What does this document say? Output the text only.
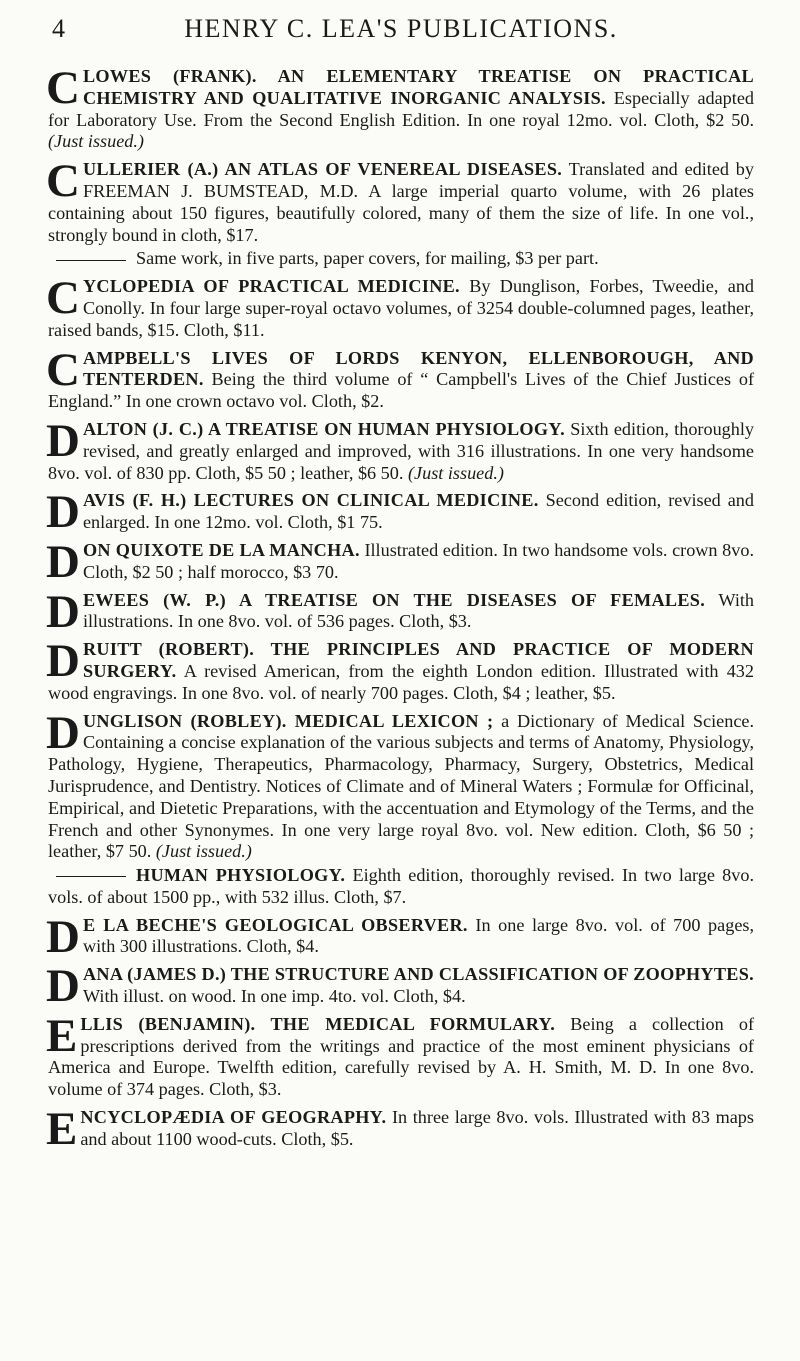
4	HENRY C. LEA'S PUBLICATIONS.

CLOWES (FRANK). AN ELEMENTARY TREATISE ON PRACTICAL CHEMISTRY AND QUALITATIVE INORGANIC ANALYSIS. Especially adapted for Laboratory Use. From the Second English Edition. In one royal 12mo. vol. Cloth, $2 50. (Just issued.)

CULLERIER (A.) AN ATLAS OF VENEREAL DISEASES. Translated and edited by FREEMAN J. BUMSTEAD, M.D. A large imperial quarto volume, with 26 plates containing about 150 figures, beautifully colored, many of them the size of life. In one vol., strongly bound in cloth, $17.

Same work, in five parts, paper covers, for mailing, $3 per part.

CYCLOPEDIA OF PRACTICAL MEDICINE. By Dunglison, Forbes, Tweedie, and Conolly. In four large super-royal octavo volumes, of 3254 double-columned pages, leather, raised bands, $15. Cloth, $11.

CAMPBELL'S LIVES OF LORDS KENYON, ELLENBOROUGH, AND TENTERDEN. Being the third volume of “ Campbell's Lives of the Chief Justices of England.” In one crown octavo vol. Cloth, $2.

DALTON (J. C.) A TREATISE ON HUMAN PHYSIOLOGY. Sixth edition, thoroughly revised, and greatly enlarged and improved, with 316 illustrations. In one very handsome 8vo. vol. of 830 pp. Cloth, $5 50 ; leather, $6 50. (Just issued.)

DAVIS (F. H.) LECTURES ON CLINICAL MEDICINE. Second edition, revised and enlarged. In one 12mo. vol. Cloth, $1 75.

DON QUIXOTE DE LA MANCHA. Illustrated edition. In two handsome vols. crown 8vo. Cloth, $2 50 ; half morocco, $3 70.

DEWEES (W. P.) A TREATISE ON THE DISEASES OF FEMALES. With illustrations. In one 8vo. vol. of 536 pages. Cloth, $3.

DRUITT (ROBERT). THE PRINCIPLES AND PRACTICE OF MODERN SURGERY. A revised American, from the eighth London edition. Illustrated with 432 wood engravings. In one 8vo. vol. of nearly 700 pages. Cloth, $4 ; leather, $5.

DUNGLISON (ROBLEY). MEDICAL LEXICON ; a Dictionary of Medical Science. Containing a concise explanation of the various subjects and terms of Anatomy, Physiology, Pathology, Hygiene, Therapeutics, Pharmacology, Pharmacy, Surgery, Obstetrics, Medical Jurisprudence, and Dentistry. Notices of Climate and of Mineral Waters ; Formulæ for Officinal, Empirical, and Dietetic Preparations, with the accentuation and Etymology of the Terms, and the French and other Synonymes. In one very large royal 8vo. vol. New edition. Cloth, $6 50 ; leather, $7 50. (Just issued.)

HUMAN PHYSIOLOGY. Eighth edition, thoroughly revised. In two large 8vo. vols. of about 1500 pp., with 532 illus. Cloth, $7.

D E LA BECHE'S GEOLOGICAL OBSERVER. In one large 8vo. vol. of 700 pages, with 300 illustrations. Cloth, $4.

DANA (JAMES D.) THE STRUCTURE AND CLASSIFICATION OF ZOOPHYTES. With illust. on wood. In one imp. 4to. vol. Cloth, $4.

ELLIS (BENJAMIN). THE MEDICAL FORMULARY. Being a collection of prescriptions derived from the writings and practice of the most eminent physicians of America and Europe. Twelfth edition, carefully revised by A. H. Smith, M. D. In one 8vo. volume of 374 pages. Cloth, $3.

ENCYCLOPÆDIA OF GEOGRAPHY. In three large 8vo. vols. Illustrated with 83 maps and about 1100 wood-cuts. Cloth, $5.
